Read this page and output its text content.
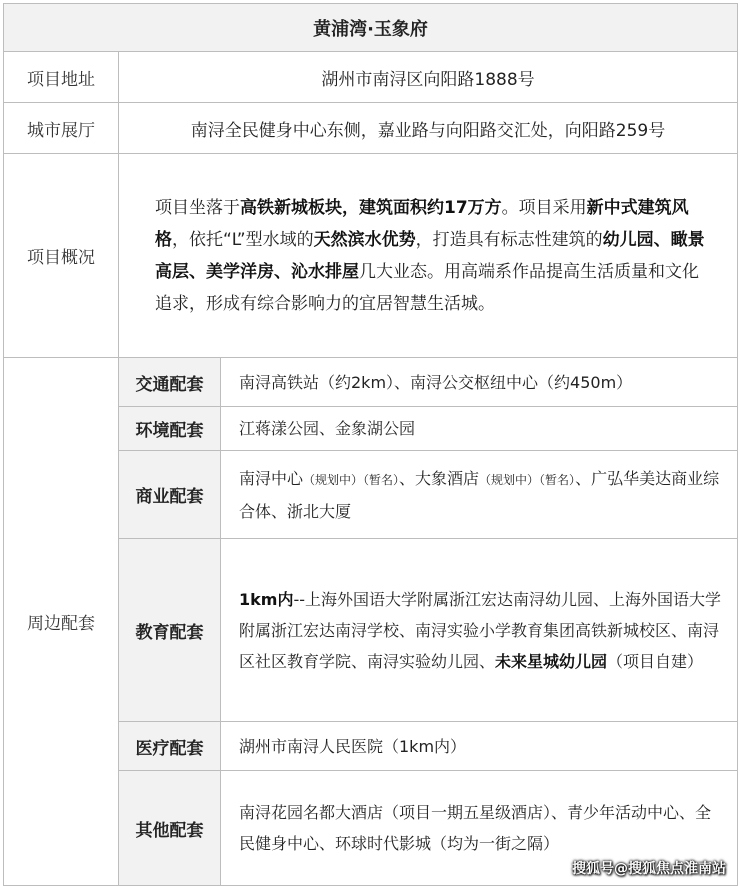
黄浦湾·玉象府		
项目地址	湖州市南浔区向阳路1888号	
城市展厅	南浔全民健身中心东侧，嘉业路与向阳路交汇处，向阳路259号	
项目概况	项目坐落于高铁新城板块，建筑面积约17万方。项目采用新中式建筑风格，依托“L”型水域的天然滨水优势，打造具有标志性建筑的幼儿园、瞰景高层、美学洋房、沁水排屋几大业态。用高端系作品提高生活质量和文化追求，形成有综合影响力的宜居智慧生活城。	
周边配套	交通配套	南浔高铁站（约2km）、南浔公交枢纽中心（约450m）
	环境配套	江蒋漾公园、金象湖公园
	商业配套	南浔中心（规划中）（暂名）、大象酒店（规划中）（暂名）、广弘华美达商业综合体、浙北大厦
	教育配套	1km内--上海外国语大学附属浙江宏达南浔幼儿园、上海外国语大学附属浙江宏达南浔学校、南浔实验小学教育集团高铁新城校区、南浔区社区教育学院、南浔实验幼儿园、未来星城幼儿园（项目自建）
	医疗配套	湖州市南浔人民医院（1km内）
	其他配套	南浔花园名都大酒店（项目一期五星级酒店）、青少年活动中心、全民健身中心、环球时代影城（均为一街之隔）
搜狐号@搜狐焦点淮南站
